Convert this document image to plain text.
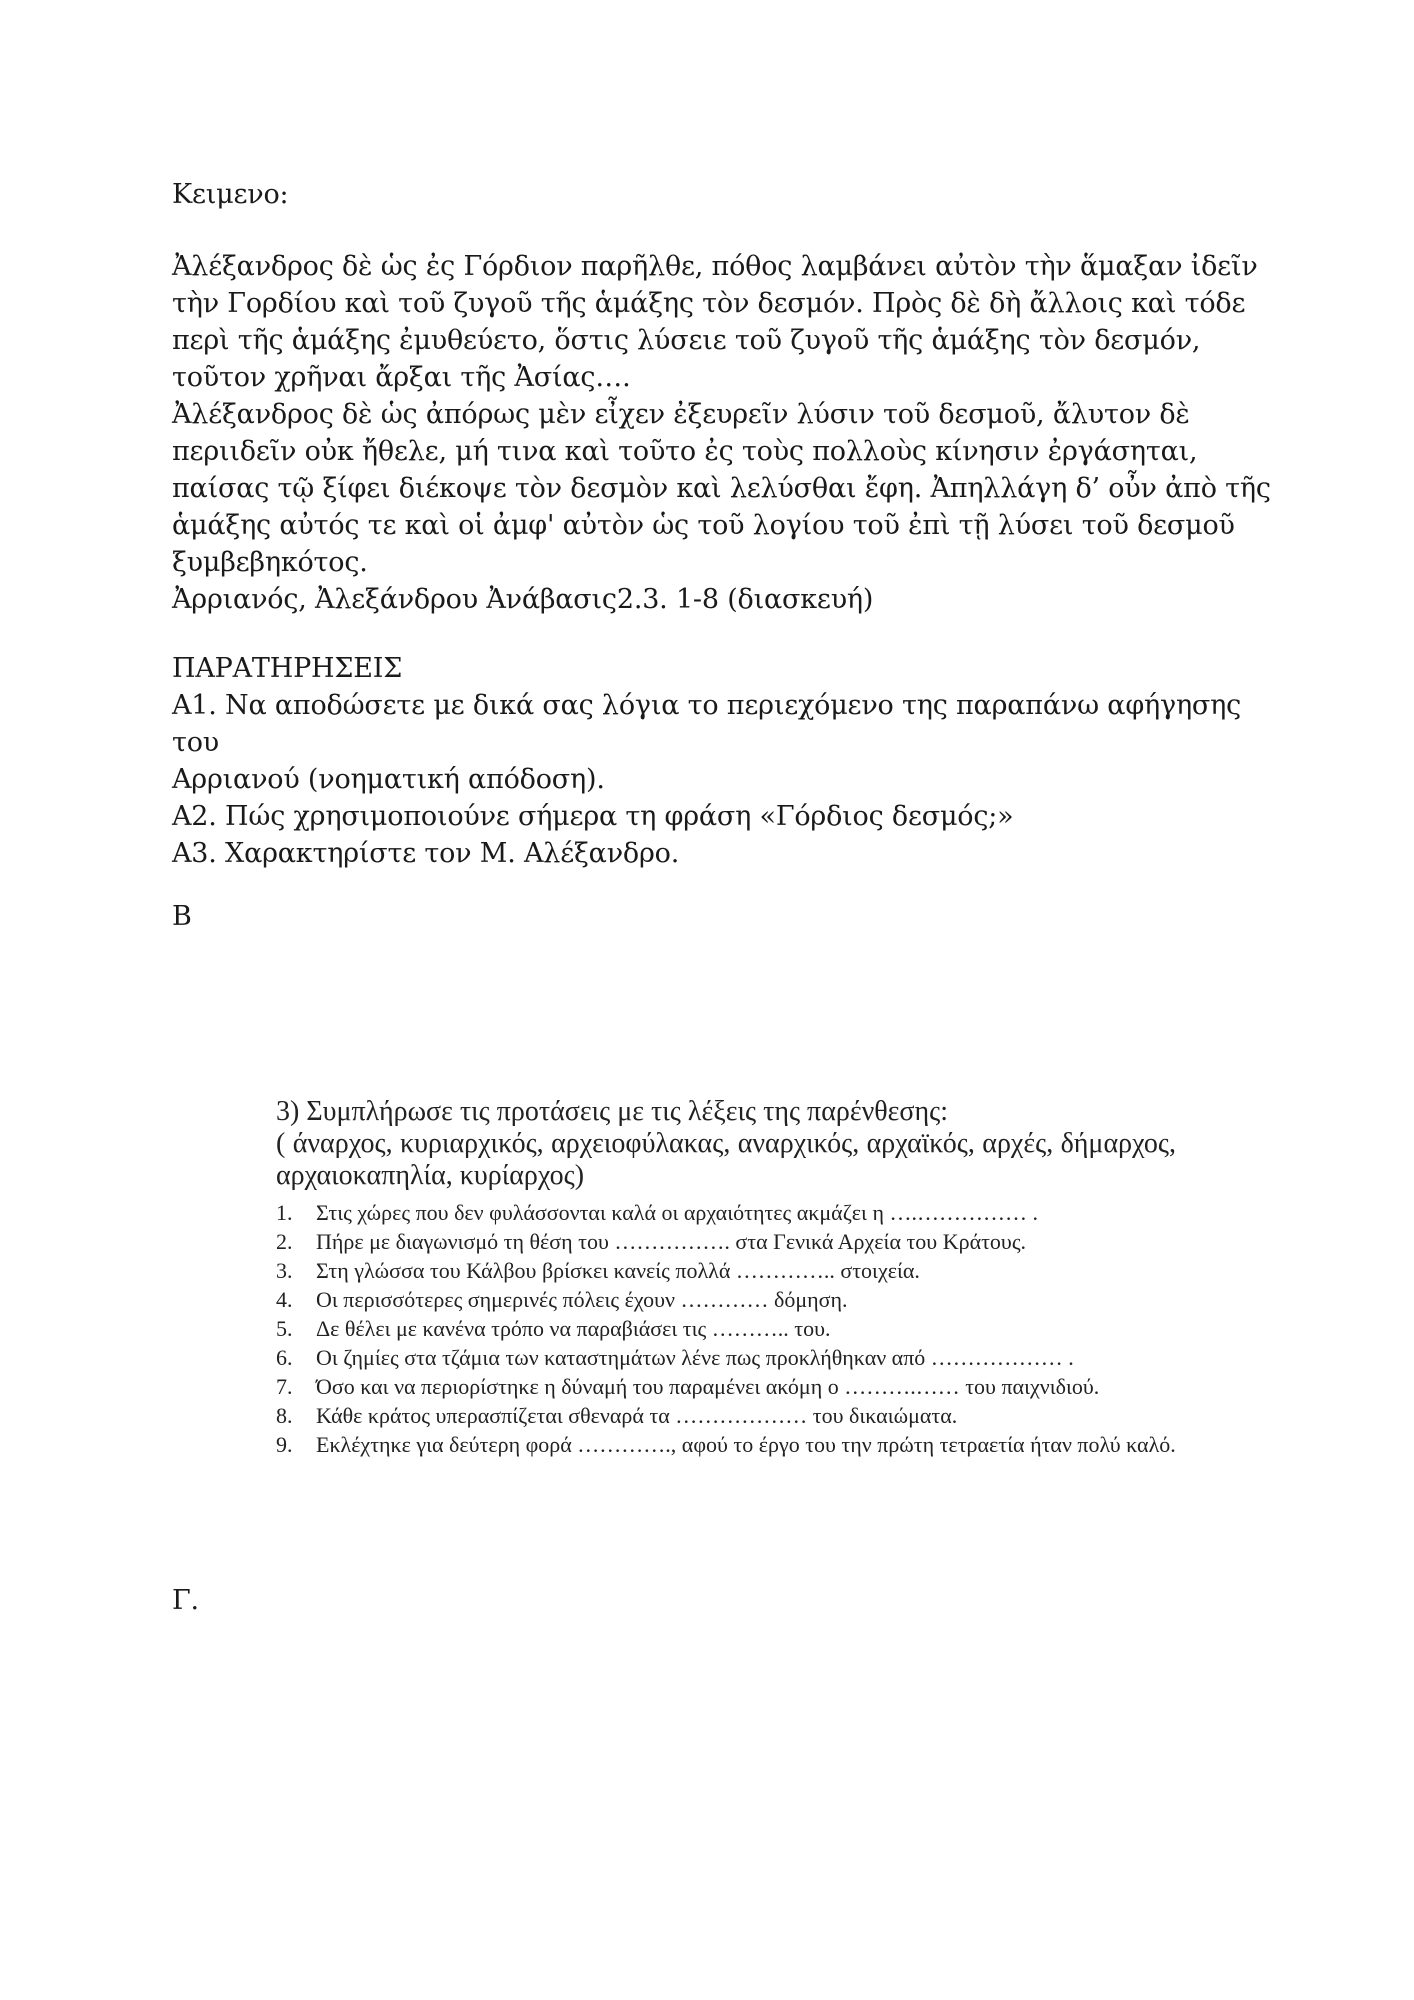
Κειμενο:
Ἀλέξανδρος δὲ ὡς ἐς Γόρδιον παρῆλθε, πόθος λαμβάνει αὐτὸν τὴν ἅμαξαν ἰδεῖν
τὴν Γορδίου καὶ τοῦ ζυγοῦ τῆς ἁμάξης τὸν δεσμόν. Πρὸς δὲ δὴ ἄλλοις καὶ τόδε
περὶ τῆς ἁμάξης ἐμυθεύετο, ὅστις λύσειε τοῦ ζυγοῦ τῆς ἁμάξης τὸν δεσμόν,
τοῦτον χρῆναι ἄρξαι τῆς Ἀσίας….
Ἀλέξανδρος δὲ ὡς ἀπόρως μὲν εἶχεν ἐξευρεῖν λύσιν τοῦ δεσμοῦ, ἄλυτον δὲ
περιιδεῖν οὐκ ἤθελε, μή τινα καὶ τοῦτο ἐς τοὺς πολλοὺς κίνησιν ἐργάσηται,
παίσας τῷ ξίφει διέκοψε τὸν δεσμὸν καὶ λελύσθαι ἔφη. Ἀπηλλάγη δ’ οὖν ἀπὸ τῆς
ἁμάξης αὐτός τε καὶ οἱ ἀμφ' αὐτὸν ὡς τοῦ λογίου τοῦ ἐπὶ τῇ λύσει τοῦ δεσμοῦ
ξυμβεβηκότος.
Ἀρριανός, Ἀλεξάνδρου Ἀνάβασις2.3. 1-8 (διασκευή)
ΠΑΡΑΤΗΡΗΣΕΙΣ
Α1. Να αποδώσετε με δικά σας λόγια το περιεχόμενο της παραπάνω αφήγησης
του
Αρριανού (νοηματική απόδοση).
Α2. Πώς χρησιμοποιούνε σήμερα τη φράση «Γόρδιος δεσμός;»
Α3. Χαρακτηρίστε τον Μ. Αλέξανδρο.
Β
3) Συμπλήρωσε τις προτάσεις με τις λέξεις της παρένθεσης:
( άναρχος, κυριαρχικός, αρχειοφύλακας, αναρχικός, αρχαϊκός, αρχές, δήμαρχος, αρχαιοκαπηλία, κυρίαρχος)
1. Στις χώρες που δεν φυλάσσονται καλά οι αρχαιότητες ακμάζει η ….…………… .
2. Πήρε με διαγωνισμό τη θέση του ……………. στα Γενικά Αρχεία του Κράτους.
3. Στη γλώσσα του Κάλβου βρίσκει κανείς πολλά ………….. στοιχεία.
4. Οι περισσότερες σημερινές πόλεις έχουν ………… δόμηση.
5. Δε θέλει με κανένα τρόπο να παραβιάσει τις ……….. του.
6. Οι ζημίες στα τζάμια των καταστημάτων λένε πως προκλήθηκαν από ……………… .
7. Όσο και να περιορίστηκε η δύναμή του παραμένει ακόμη ο ……….…… του παιχνιδιού.
8. Κάθε κράτος υπερασπίζεται σθεναρά τα ……………… του δικαιώματα.
9. Εκλέχτηκε για δεύτερη φορά …………., αφού το έργο του την πρώτη τετραετία ήταν πολύ καλό.
Γ.
